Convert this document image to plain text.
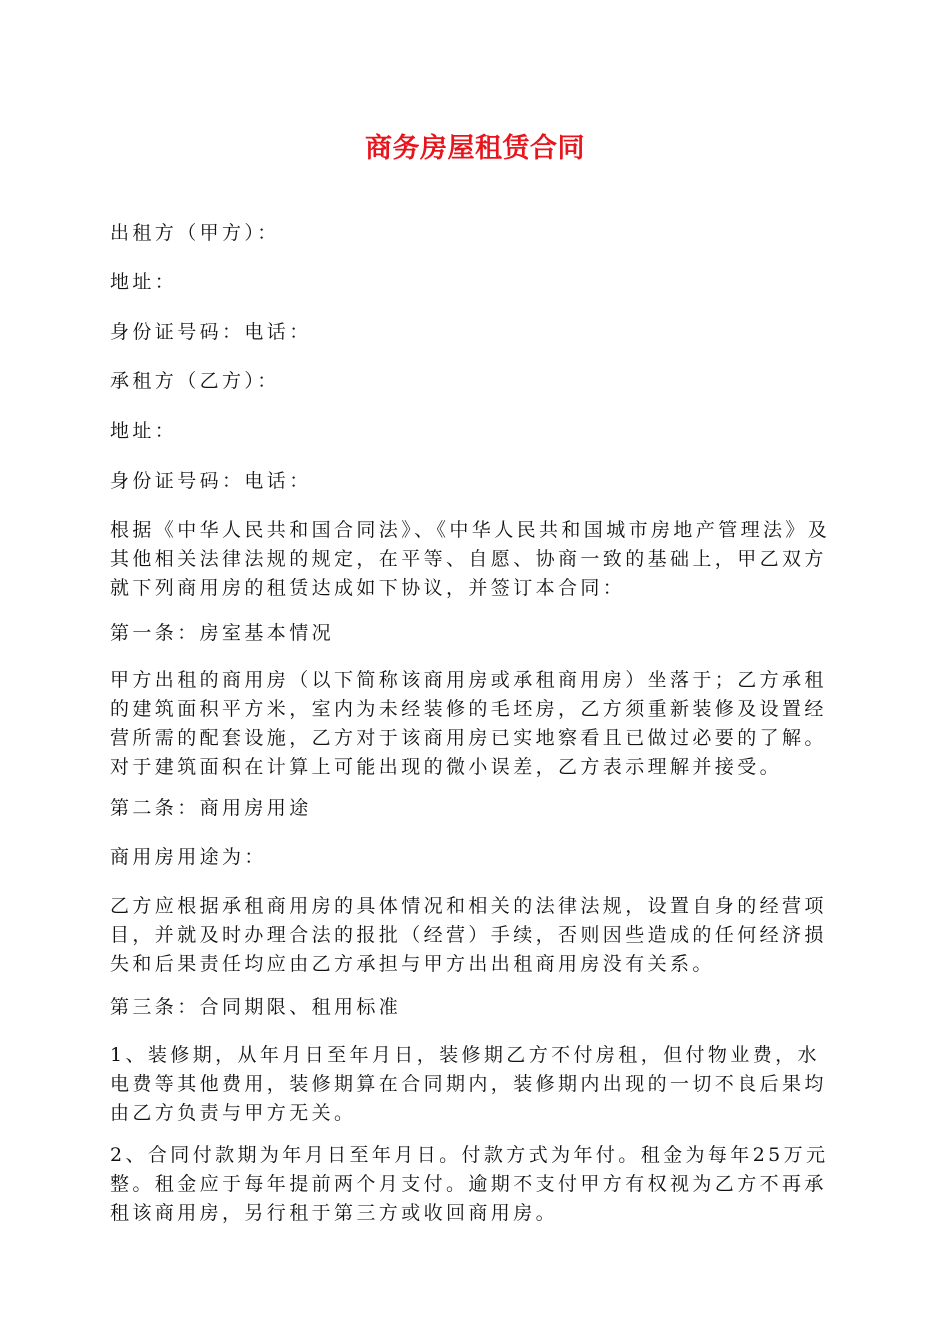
商务房屋租赁合同

出租方（甲方）：

地址：

身份证号码：电话：

承租方（乙方）：

地址：

身份证号码：电话：

根据《中华人民共和国合同法》、《中华人民共和国城市房地产管理法》及其他相关法律法规的规定，在平等、自愿、协商一致的基础上，甲乙双方就下列商用房的租赁达成如下协议，并签订本合同：

第一条：房室基本情况

甲方出租的商用房（以下简称该商用房或承租商用房）坐落于；乙方承租的建筑面积平方米，室内为未经装修的毛坯房，乙方须重新装修及设置经营所需的配套设施，乙方对于该商用房已实地察看且已做过必要的了解。对于建筑面积在计算上可能出现的微小误差，乙方表示理解并接受。

第二条：商用房用途

商用房用途为：

乙方应根据承租商用房的具体情况和相关的法律法规，设置自身的经营项目，并就及时办理合法的报批（经营）手续，否则因些造成的任何经济损失和后果责任均应由乙方承担与甲方出出租商用房没有关系。

第三条：合同期限、租用标准

1、装修期，从年月日至年月日，装修期乙方不付房租，但付物业费，水电费等其他费用，装修期算在合同期内，装修期内出现的一切不良后果均由乙方负责与甲方无关。

2、合同付款期为年月日至年月日。付款方式为年付。租金为每年25万元整。租金应于每年提前两个月支付。逾期不支付甲方有权视为乙方不再承租该商用房，另行租于第三方或收回商用房。
